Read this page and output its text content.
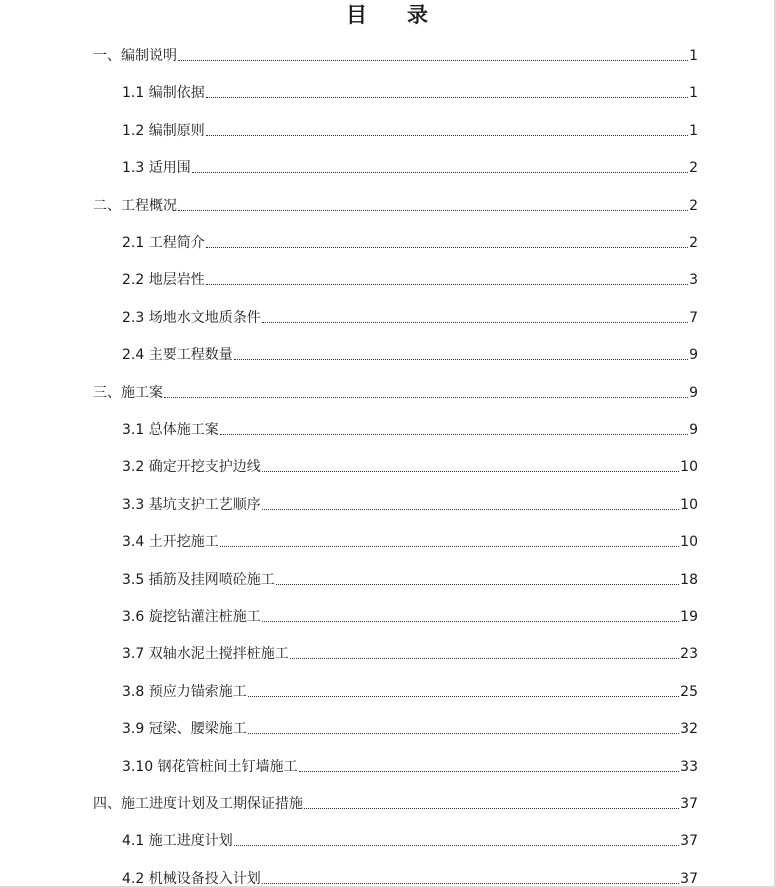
目 录
一、编制说明	1
1.1 编制依据	1
1.2 编制原则	1
1.3 适用围	2
二、工程概况	2
2.1 工程简介	2
2.2 地层岩性	3
2.3 场地水文地质条件	7
2.4 主要工程数量	9
三、施工案	9
3.1 总体施工案	9
3.2 确定开挖支护边线	10
3.3 基坑支护工艺顺序	10
3.4 土开挖施工	10
3.5 插筋及挂网喷砼施工	18
3.6 旋挖钻灌注桩施工	19
3.7 双轴水泥土搅拌桩施工	23
3.8 预应力锚索施工	25
3.9 冠梁、腰梁施工	32
3.10 钢花管桩间土钉墙施工	33
四、施工进度计划及工期保证措施	37
4.1 施工进度计划	37
4.2 机械设备投入计划	37
